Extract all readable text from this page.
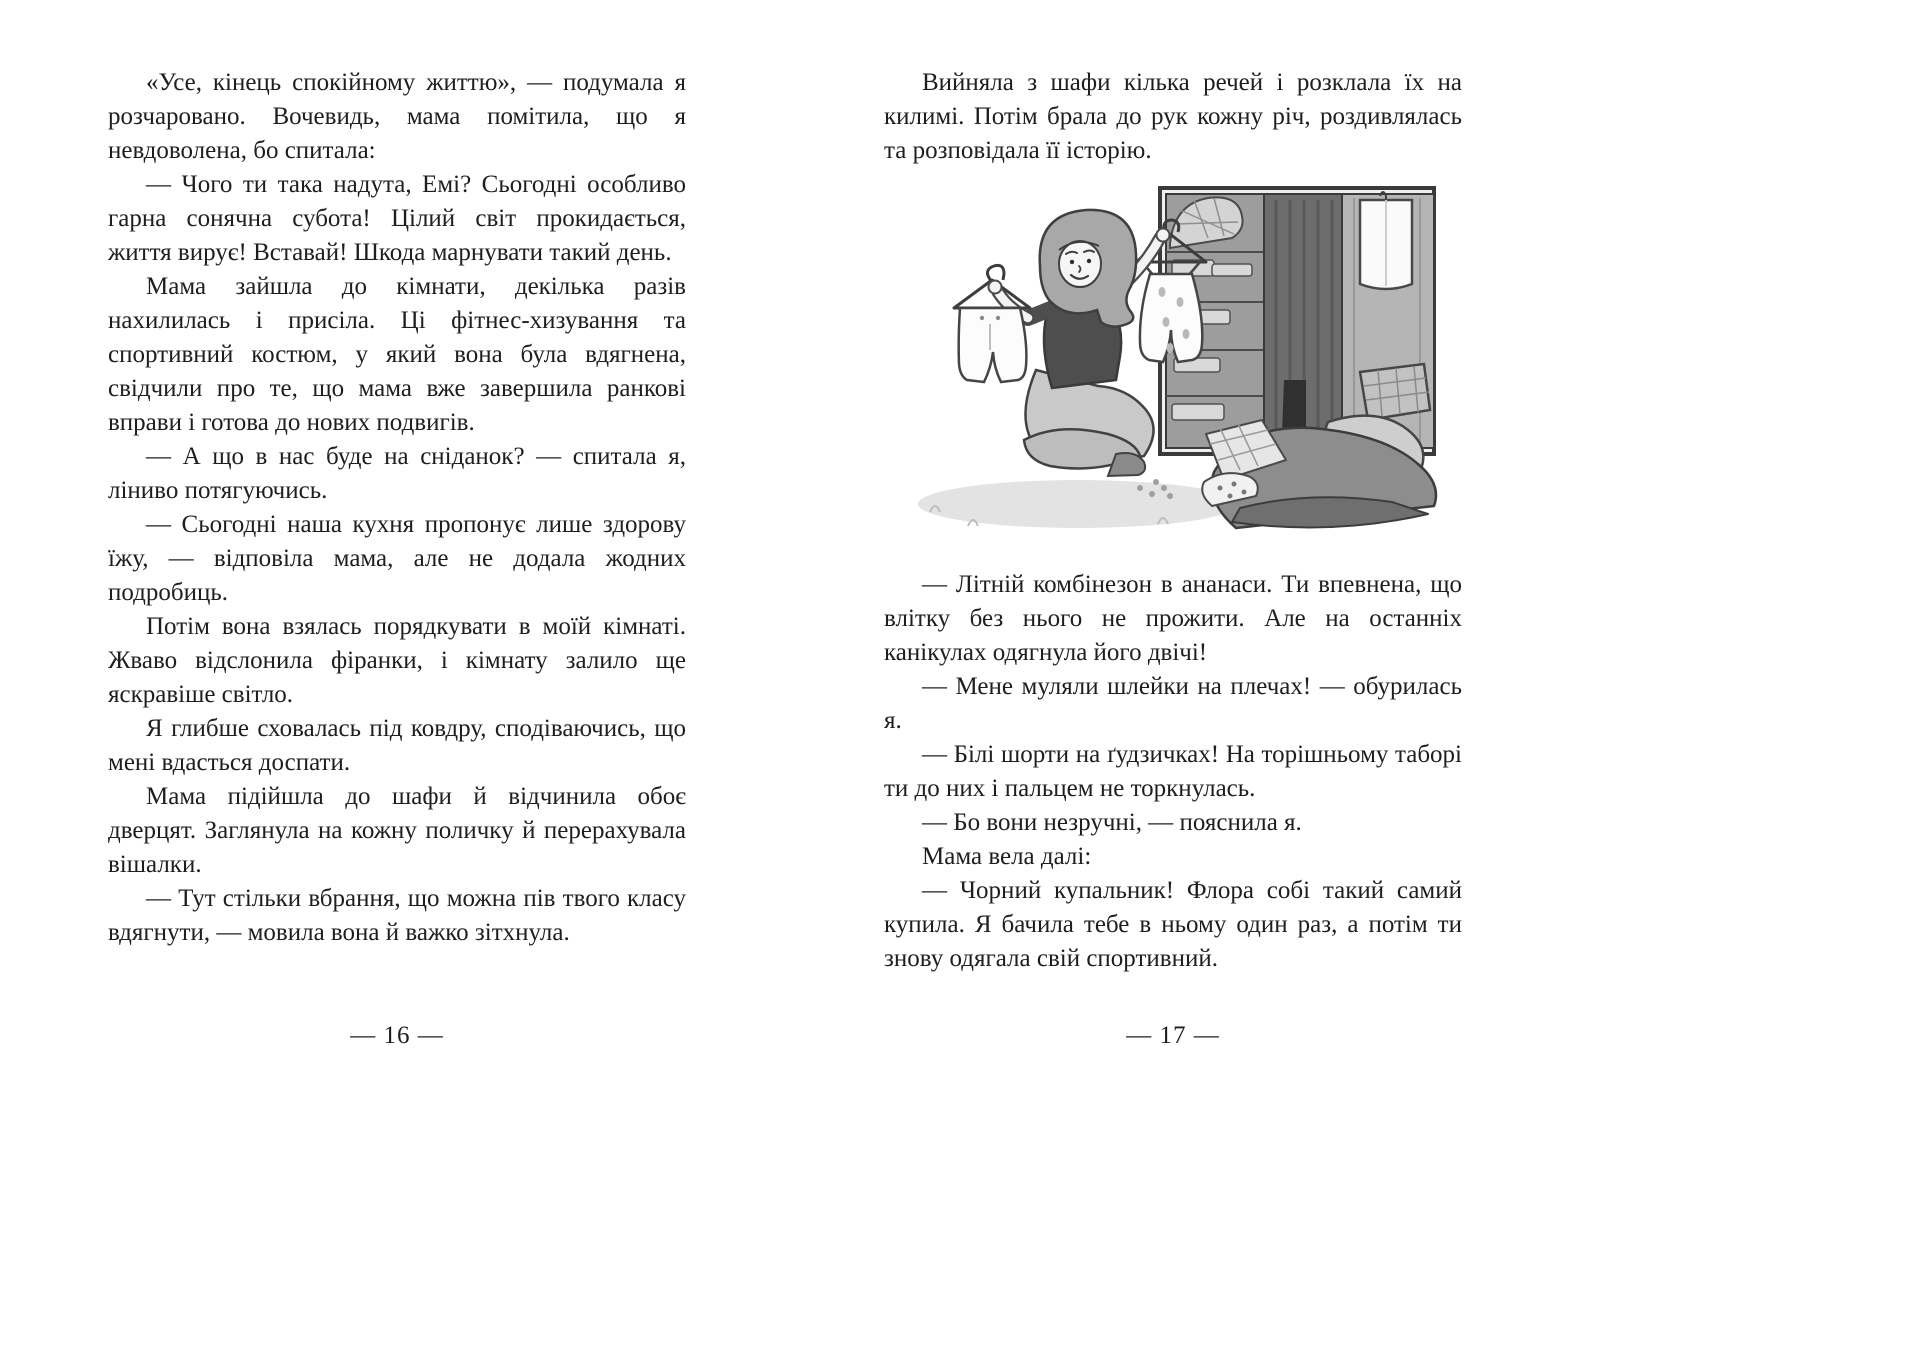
«Усе, кінець спокійному життю», — подумала я розчаровано. Вочевидь, мама помітила, що я невдоволена, бо спитала:

— Чого ти така надута, Емі? Сьогодні особливо гарна сонячна субота! Цілий світ прокидається, життя вирує! Вставай! Шкода марнувати такий день.

Мама зайшла до кімнати, декілька разів нахилилась і присіла. Ці фітнес-хизування та спортивний костюм, у який вона була вдягнена, свідчили про те, що мама вже завершила ранкові вправи і готова до нових подвигів.

— А що в нас буде на сніданок? — спитала я, ліниво потягуючись.

— Сьогодні наша кухня пропонує лише здорову їжу, — відповіла мама, але не додала жодних подробиць.

Потім вона взялась порядкувати в моїй кімнаті. Жваво відслонила фіранки, і кімнату залило ще яскравіше світло.

Я глибше сховалась під ковдру, сподіваючись, що мені вдасться доспати.

Мама підійшла до шафи й відчинила обоє дверцят. Заглянула на кожну поличку й перерахувала вішалки.

— Тут стільки вбрання, що можна пів твого класу вдягнути, — мовила вона й важко зітхнула.

— 16 —

Вийняла з шафи кілька речей і розклала їх на килимі. Потім брала до рук кожну річ, роздивлялась та розповідала її історію.

— Літній комбінезон в ананаси. Ти впевнена, що влітку без нього не прожити. Але на останніх канікулах одягнула його двічі!

— Мене муляли шлейки на плечах! — обурилась я.

— Білі шорти на ґудзичках! На торішньому таборі ти до них і пальцем не торкнулась.

— Бо вони незручні, — пояснила я.

Мама вела далі:

— Чорний купальник! Флора собі такий самий купила. Я бачила тебе в ньому один раз, а потім ти знову одягала свій спортивний.

— 17 —
